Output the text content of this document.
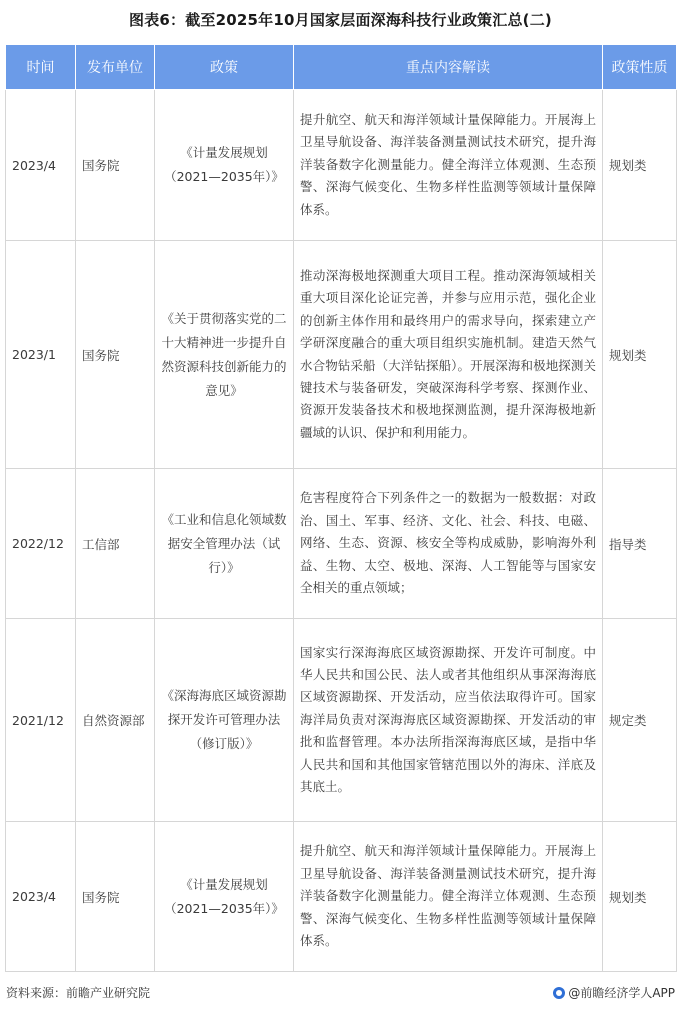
图表6：截至2025年10月国家层面深海科技行业政策汇总(二)
时间	发布单位	政策	重点内容解读	政策性质
2023/4	国务院	《计量发展规划（2021—2035年）》	提升航空、航天和海洋领域计量保障能力。开展海上卫星导航设备、海洋装备测量测试技术研究，提升海洋装备数字化测量能力。健全海洋立体观测、生态预警、深海气候变化、生物多样性监测等领域计量保障体系。	规划类
2023/1	国务院	《关于贯彻落实党的二十大精神进一步提升自然资源科技创新能力的意见》	推动深海极地探测重大项目工程。推动深海领域相关重大项目深化论证完善，并参与应用示范，强化企业的创新主体作用和最终用户的需求导向，探索建立产学研深度融合的重大项目组织实施机制。建造天然气水合物钻采船（大洋钻探船）。开展深海和极地探测关键技术与装备研发，突破深海科学考察、探测作业、资源开发装备技术和极地探测监测，提升深海极地新疆域的认识、保护和利用能力。	规划类
2022/12	工信部	《工业和信息化领域数据安全管理办法（试行）》	危害程度符合下列条件之一的数据为一般数据：对政治、国土、军事、经济、文化、社会、科技、电磁、网络、生态、资源、核安全等构成威胁，影响海外利益、生物、太空、极地、深海、人工智能等与国家安全相关的重点领域；	指导类
2021/12	自然资源部	《深海海底区域资源勘探开发许可管理办法（修订版）》	国家实行深海海底区域资源勘探、开发许可制度。中华人民共和国公民、法人或者其他组织从事深海海底区域资源勘探、开发活动，应当依法取得许可。国家海洋局负责对深海海底区域资源勘探、开发活动的审批和监督管理。本办法所指深海海底区域，是指中华人民共和国和其他国家管辖范围以外的海床、洋底及其底土。	规定类
2023/4	国务院	《计量发展规划（2021—2035年）》	提升航空、航天和海洋领域计量保障能力。开展海上卫星导航设备、海洋装备测量测试技术研究，提升海洋装备数字化测量能力。健全海洋立体观测、生态预警、深海气候变化、生物多样性监测等领域计量保障体系。	规划类
资料来源：前瞻产业研究院	@前瞻经济学人APP
